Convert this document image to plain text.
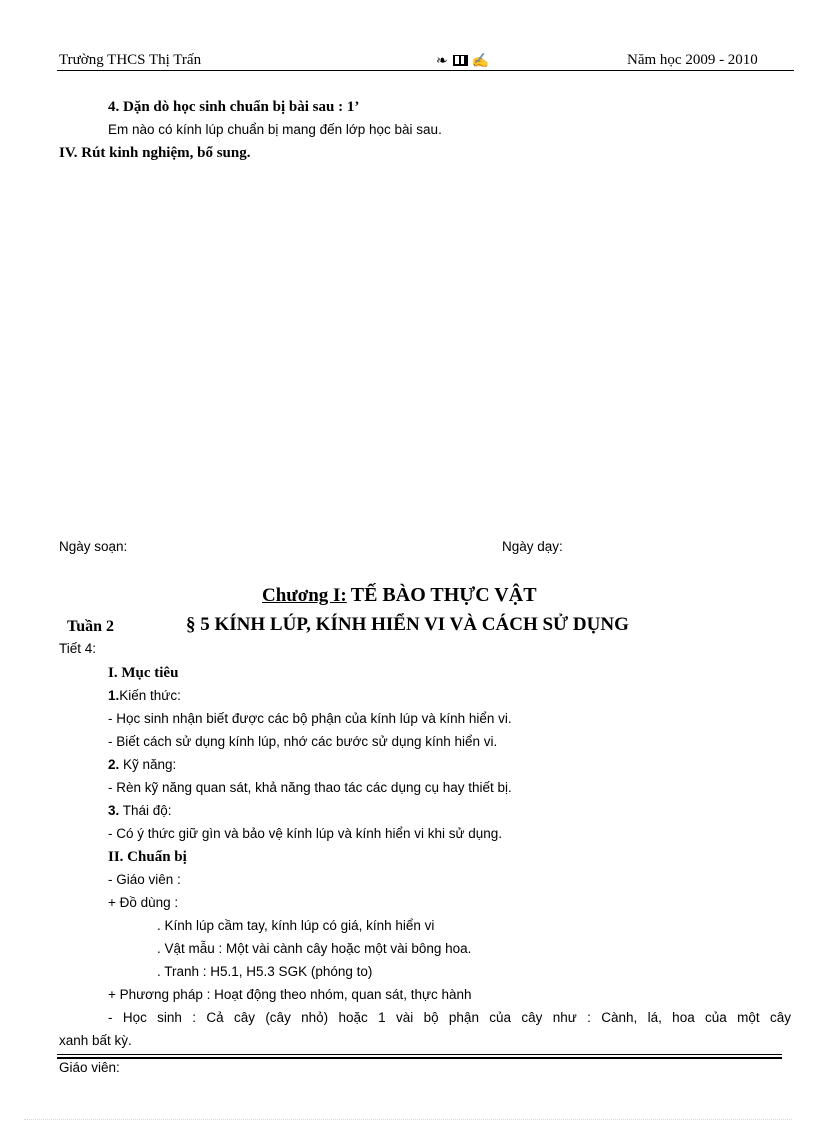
Trường THCS Thị Trấn	❧ ✍	Năm học 2009 - 2010
4. Dặn dò học sinh chuẩn bị bài sau : 1’
Em nào có kính lúp chuẩn bị mang đến lớp học bài sau.
IV. Rút kinh nghiệm, bổ sung.
Ngày soạn:	Ngày dạy:
Chương I: TẾ BÀO THỰC VẬT
Tuần 2	§ 5 KÍNH LÚP, KÍNH HIỂN VI VÀ CÁCH SỬ DỤNG
Tiết 4:
I. Mục tiêu
1.Kiến thức:
- Học sinh nhận biết được các bộ phận của kính lúp và kính hiển vi.
- Biết cách sử dụng kính lúp, nhớ các bước sử dụng kính hiển vi.
2. Kỹ năng:
- Rèn kỹ năng quan sát, khả năng thao tác các dụng cụ hay thiết bị.
3. Thái độ:
- Có ý thức giữ gìn và bảo vệ kính lúp và kính hiển vi khi sử dụng.
II. Chuẩn bị
- Giáo viên :
+ Đồ dùng :
. Kính lúp cầm tay, kính lúp có giá, kính hiển vi
. Vật mẫu : Một vài cành cây hoặc một vài bông hoa.
. Tranh : H5.1, H5.3 SGK (phóng to)
+ Phương pháp : Hoạt động theo nhóm, quan sát, thực hành
- Học sinh : Cả cây (cây nhỏ) hoặc 1 vài bộ phận của cây như : Cành, lá, hoa của một cây
xanh bất kỳ.
Giáo viên:
